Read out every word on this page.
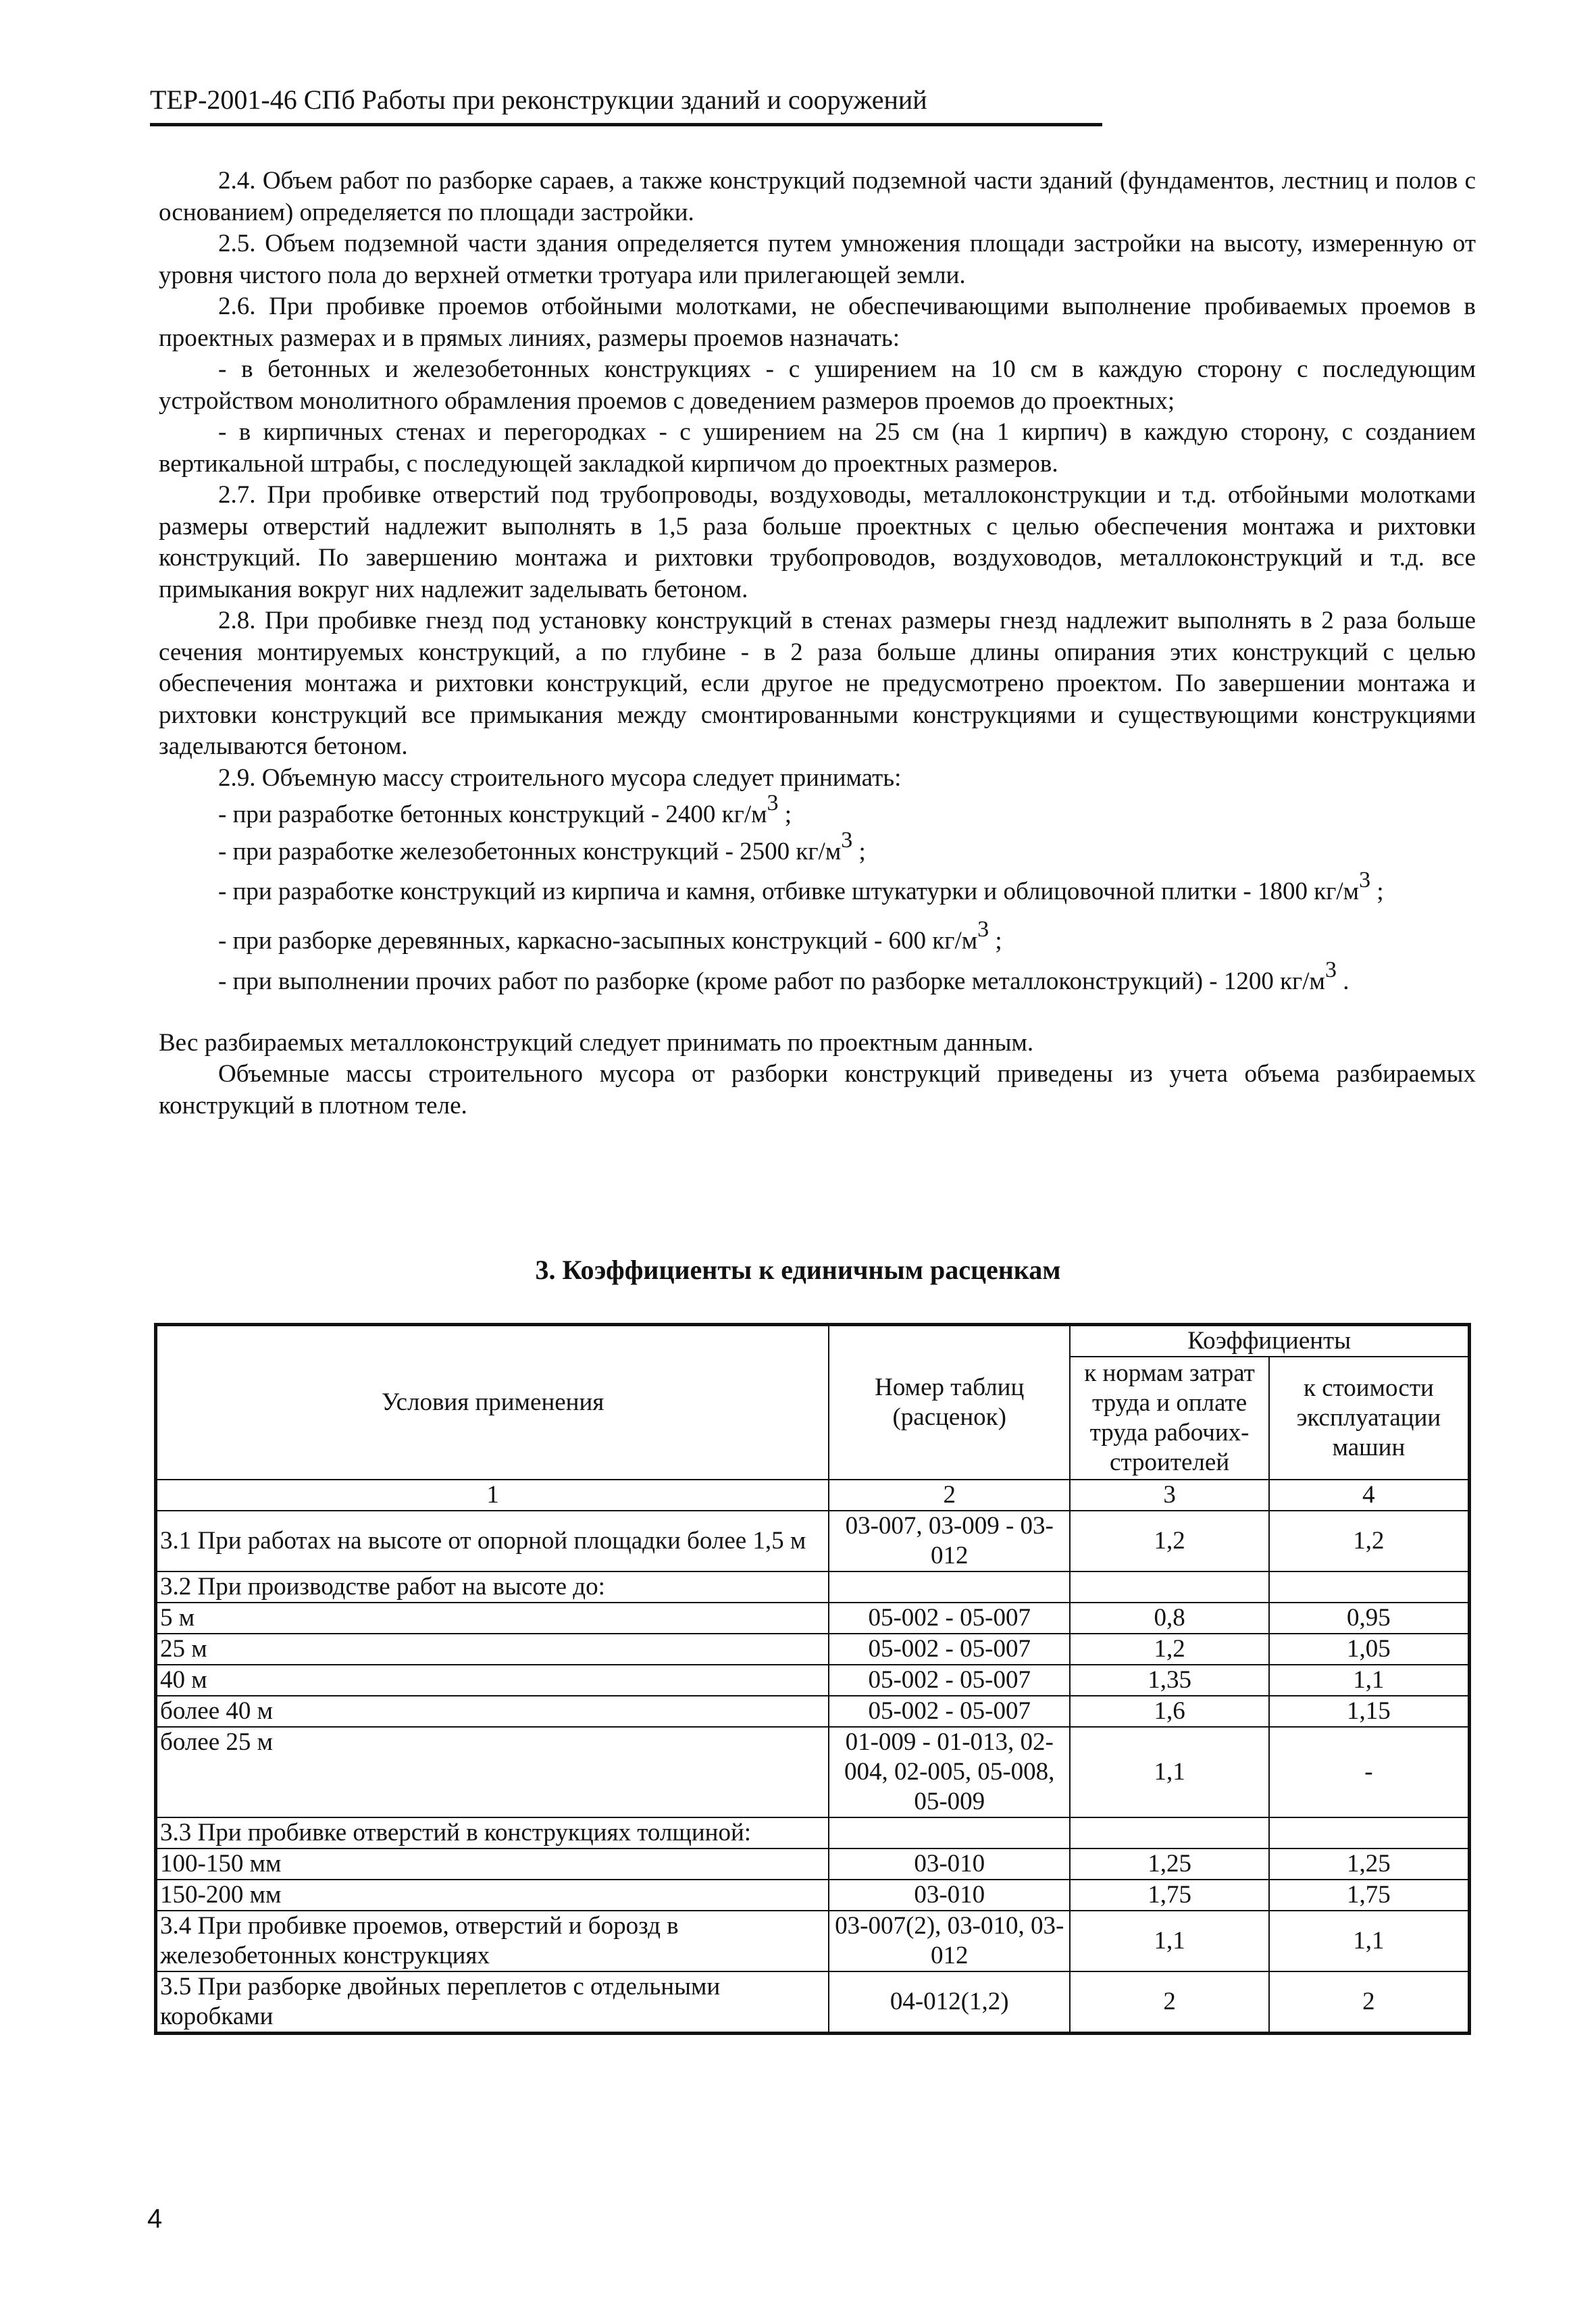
ТЕР-2001-46 СПб Работы при реконструкции зданий и сооружений

2.4. Объем работ по разборке сараев, а также конструкций подземной части зданий (фундаментов, лестниц и полов с основанием) определяется по площади застройки.

2.5. Объем подземной части здания определяется путем умножения площади застройки на высоту, измеренную от уровня чистого пола до верхней отметки тротуара или прилегающей земли.

2.6. При пробивке проемов отбойными молотками, не обеспечивающими выполнение пробиваемых проемов в проектных размерах и в прямых линиях, размеры проемов назначать:

- в бетонных и железобетонных конструкциях - с уширением на 10 см в каждую сторону с последующим устройством монолитного обрамления проемов с доведением размеров проемов до проектных;

- в кирпичных стенах и перегородках - с уширением на 25 см (на 1 кирпич) в каждую сторону, с созданием вертикальной штрабы, с последующей закладкой кирпичом до проектных размеров.

2.7. При пробивке отверстий под трубопроводы, воздуховоды, металлоконструкции и т.д. отбойными молотками размеры отверстий надлежит выполнять в 1,5 раза больше проектных с целью обеспечения монтажа и рихтовки конструкций. По завершению монтажа и рихтовки трубопроводов, воздуховодов, металлоконструкций и т.д. все примыкания вокруг них надлежит заделывать бетоном.

2.8. При пробивке гнезд под установку конструкций в стенах размеры гнезд надлежит выполнять в 2 раза больше сечения монтируемых конструкций, а по глубине - в 2 раза больше длины опирания этих конструкций с целью обеспечения монтажа и рихтовки конструкций, если другое не предусмотрено проектом. По завершении монтажа и рихтовки конструкций все примыкания между смонтированными конструкциями и существующими конструкциями заделываются бетоном.

2.9. Объемную массу строительного мусора следует принимать:

- при разработке бетонных конструкций - 2400 $кг/м^3$ ;

- при разработке железобетонных конструкций - 2500 $кг/м^3$ ;

- при разработке конструкций из кирпича и камня, отбивке штукатурки и облицовочной плитки - 1800 $кг/м^3$ ;

- при разборке деревянных, каркасно-засыпных конструкций - 600 $кг/м^3$ ;

- при выполнении прочих работ по разборке (кроме работ по разборке металлоконструкций) - 1200 $кг/м^3$ .

Вес разбираемых металлоконструкций следует принимать по проектным данным.

Объемные массы строительного мусора от разборки конструкций приведены из учета объема разбираемых конструкций в плотном теле.

3. Коэффициенты к единичным расценкам
Условия применения	Номер таблиц (расценок)	Коэффициенты	
		к нормам затрат труда и оплате труда рабочих-строителей	к стоимости эксплуатации машин
1	2	3	4
3.1 При работах на высоте от опорной площадки более 1,5 м	03-007, 03-009 - 03-012	1,2	1,2
3.2 При производстве работ на высоте до:			
5 м	05-002 - 05-007	0,8	0,95
25 м	05-002 - 05-007	1,2	1,05
40 м	05-002 - 05-007	1,35	1,1
более 40 м	05-002 - 05-007	1,6	1,15
более 25 м	01-009 - 01-013, 02-004, 02-005, 05-008, 05-009	1,1	-
3.3 При пробивке отверстий в конструкциях толщиной:			
100-150 мм	03-010	1,25	1,25
150-200 мм	03-010	1,75	1,75
3.4 При пробивке проемов, отверстий и борозд в железобетонных конструкциях	03-007(2), 03-010, 03-012	1,1	1,1
3.5 При разборке двойных переплетов с отдельными коробками	04-012(1,2)	2	2
4
